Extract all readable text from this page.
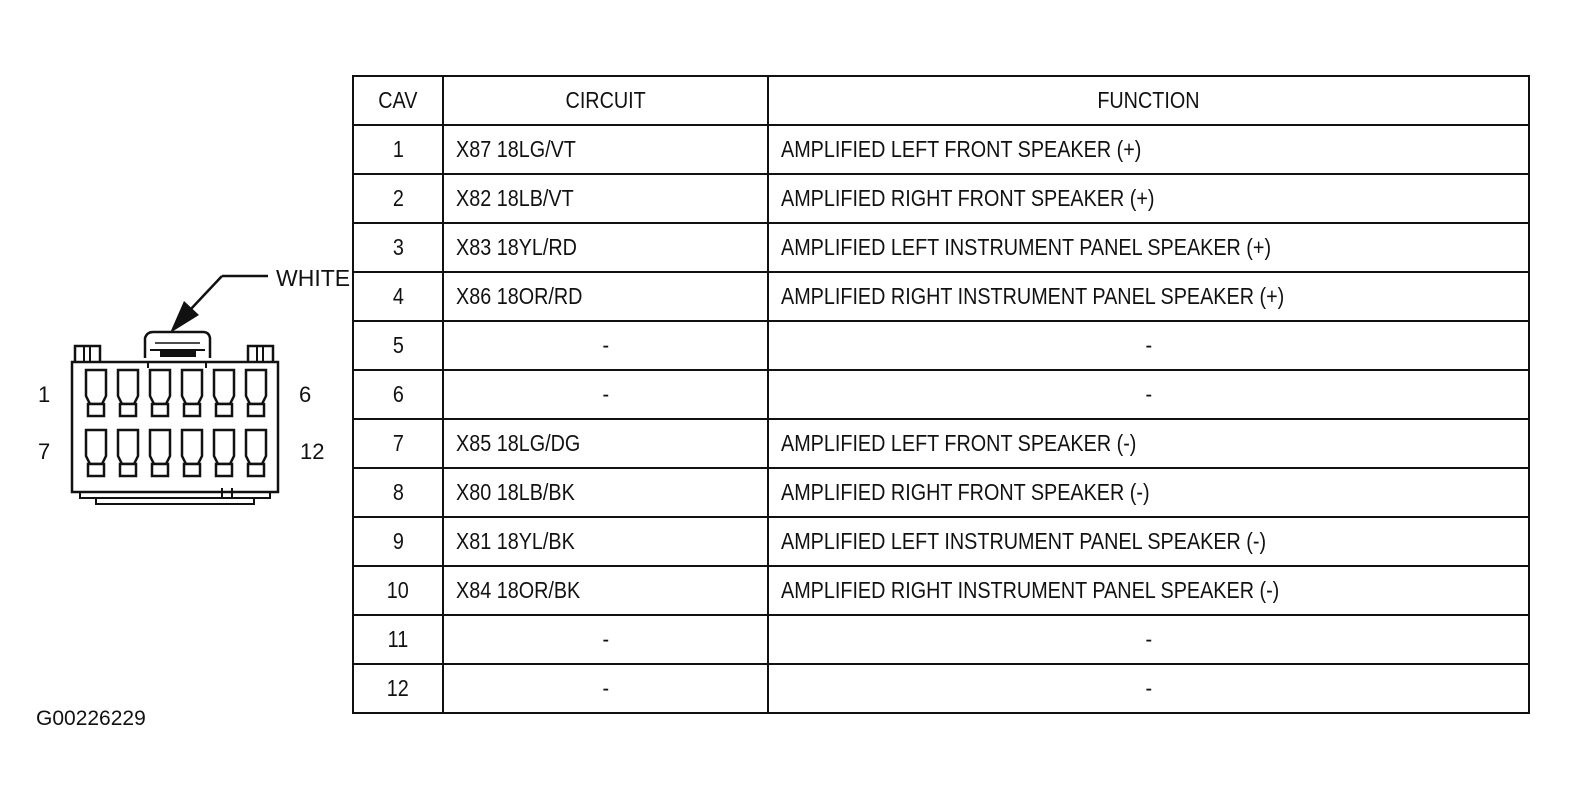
WHITE
1	6
7	12
CAV	CIRCUIT	FUNCTION
1	X87 18LG/VT	AMPLIFIED LEFT FRONT SPEAKER (+)
2	X82 18LB/VT	AMPLIFIED RIGHT FRONT SPEAKER (+)
3	X83 18YL/RD	AMPLIFIED LEFT INSTRUMENT PANEL SPEAKER (+)
4	X86 18OR/RD	AMPLIFIED RIGHT INSTRUMENT PANEL SPEAKER (+)
5	-	-
6	-	-
7	X85 18LG/DG	AMPLIFIED LEFT FRONT SPEAKER (-)
8	X80 18LB/BK	AMPLIFIED RIGHT FRONT SPEAKER (-)
9	X81 18YL/BK	AMPLIFIED LEFT INSTRUMENT PANEL SPEAKER (-)
10	X84 18OR/BK	AMPLIFIED RIGHT INSTRUMENT PANEL SPEAKER (-)
11	-	-
12	-	-
G00226229
